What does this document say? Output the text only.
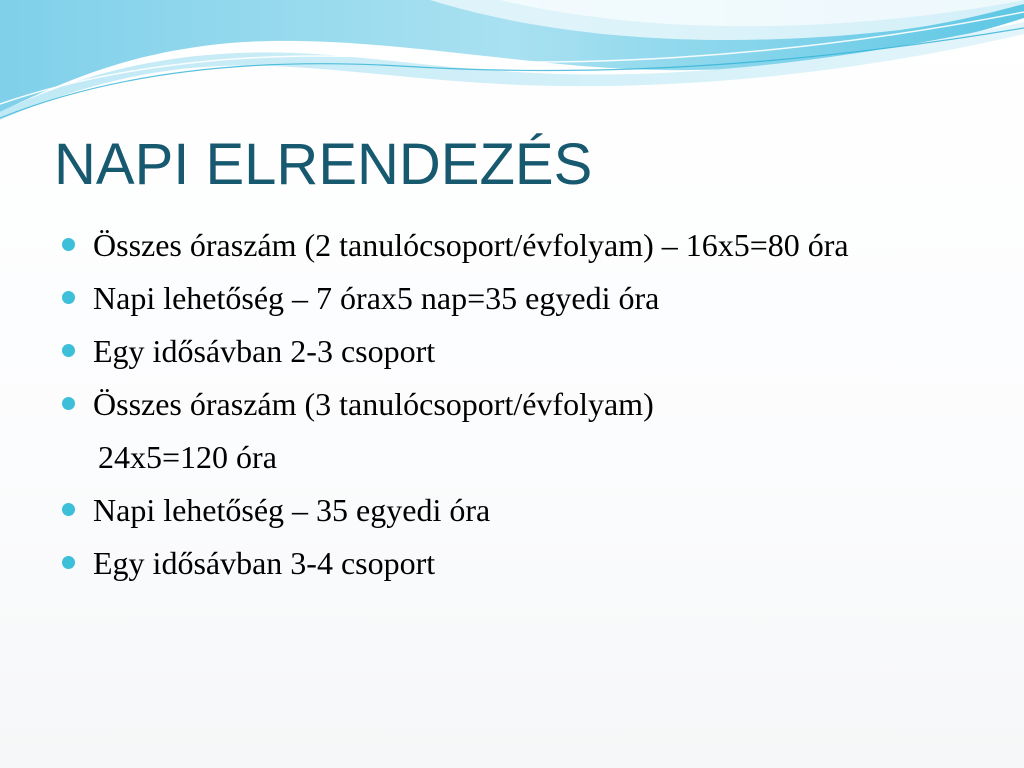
NAPI ELRENDEZÉS
Összes óraszám (2 tanulócsoport/évfolyam) – 16x5=80 óra
Napi lehetőség – 7 órax5 nap=35 egyedi óra
Egy idősávban 2-3 csoport
Összes óraszám (3 tanulócsoport/évfolyam)
24x5=120 óra
Napi lehetőség – 35 egyedi óra
Egy idősávban 3-4 csoport
